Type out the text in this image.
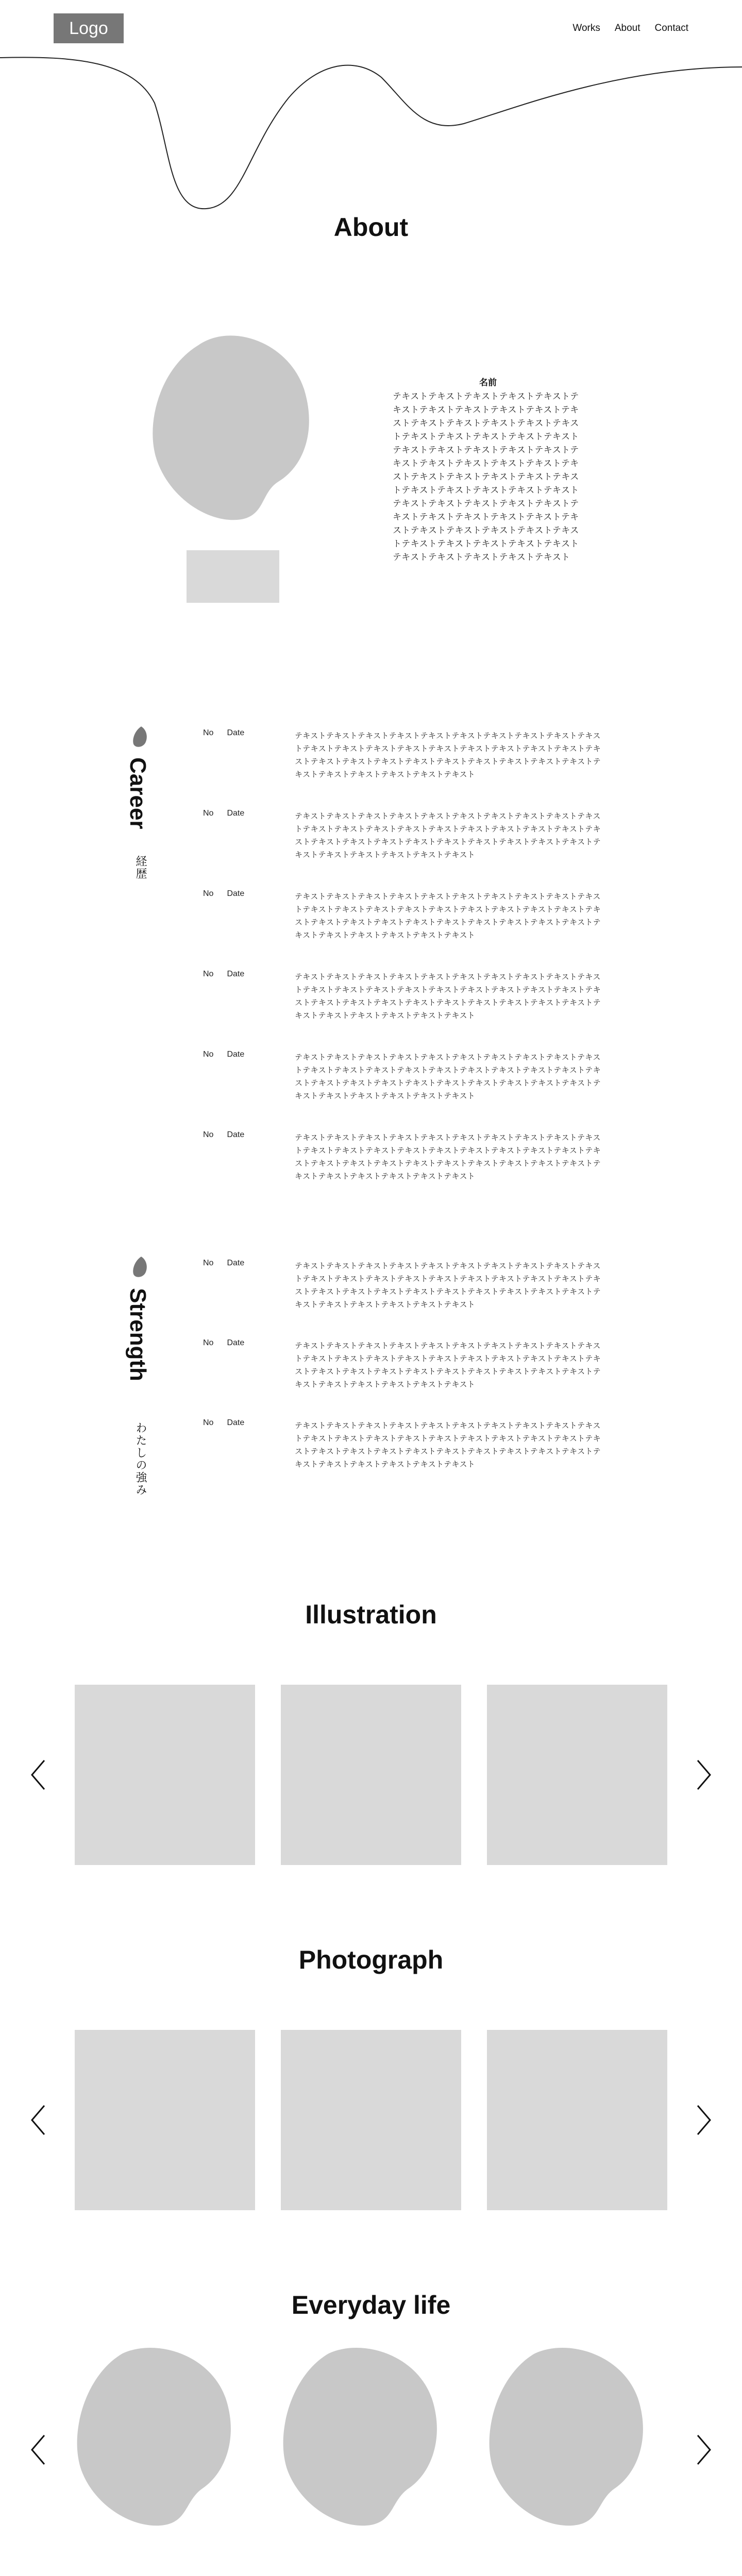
Logo	Works About Contact
About
名前
テキストテキストテキストテキストテキストテキストテキストテキストテキストテキストテキストテキストテキストテキストテキストテキストテキストテキストテキストテキストテキストテキストテキストテキストテキストテキストテキストテキストテキストテキストテキストテキストテキストテキストテキストテキストテキストテキストテキストテキストテキストテキストテキストテキストテキストテキストテキストテキストテキストテキストテキストテキストテキストテキストテキストテキストテキストテキストテキストテキストテキストテキストテキストテキストテキストテキストテキストテキスト
Career
経歴
No Date	テキストテキストテキストテキストテキストテキストテキストテキストテキストテキストテキストテキストテキストテキストテキストテキストテキストテキストテキストテキストテキストテキストテキストテキストテキストテキストテキストテキストテキストテキストテキストテキストテキストテキストテキスト
No Date	テキストテキストテキストテキストテキストテキストテキストテキストテキストテキストテキストテキストテキストテキストテキストテキストテキストテキストテキストテキストテキストテキストテキストテキストテキストテキストテキストテキストテキストテキストテキストテキストテキストテキストテキスト
No Date	テキストテキストテキストテキストテキストテキストテキストテキストテキストテキストテキストテキストテキストテキストテキストテキストテキストテキストテキストテキストテキストテキストテキストテキストテキストテキストテキストテキストテキストテキストテキストテキストテキストテキストテキスト
No Date	テキストテキストテキストテキストテキストテキストテキストテキストテキストテキストテキストテキストテキストテキストテキストテキストテキストテキストテキストテキストテキストテキストテキストテキストテキストテキストテキストテキストテキストテキストテキストテキストテキストテキストテキスト
No Date	テキストテキストテキストテキストテキストテキストテキストテキストテキストテキストテキストテキストテキストテキストテキストテキストテキストテキストテキストテキストテキストテキストテキストテキストテキストテキストテキストテキストテキストテキストテキストテキストテキストテキストテキスト
No Date	テキストテキストテキストテキストテキストテキストテキストテキストテキストテキストテキストテキストテキストテキストテキストテキストテキストテキストテキストテキストテキストテキストテキストテキストテキストテキストテキストテキストテキストテキストテキストテキストテキストテキストテキスト
Strength
わたしの強み
No Date	テキストテキストテキストテキストテキストテキストテキストテキストテキストテキストテキストテキストテキストテキストテキストテキストテキストテキストテキストテキストテキストテキストテキストテキストテキストテキストテキストテキストテキストテキストテキストテキストテキストテキストテキスト
No Date	テキストテキストテキストテキストテキストテキストテキストテキストテキストテキストテキストテキストテキストテキストテキストテキストテキストテキストテキストテキストテキストテキストテキストテキストテキストテキストテキストテキストテキストテキストテキストテキストテキストテキストテキスト
No Date	テキストテキストテキストテキストテキストテキストテキストテキストテキストテキストテキストテキストテキストテキストテキストテキストテキストテキストテキストテキストテキストテキストテキストテキストテキストテキストテキストテキストテキストテキストテキストテキストテキストテキストテキスト
Illustration
Photograph
Everyday life
